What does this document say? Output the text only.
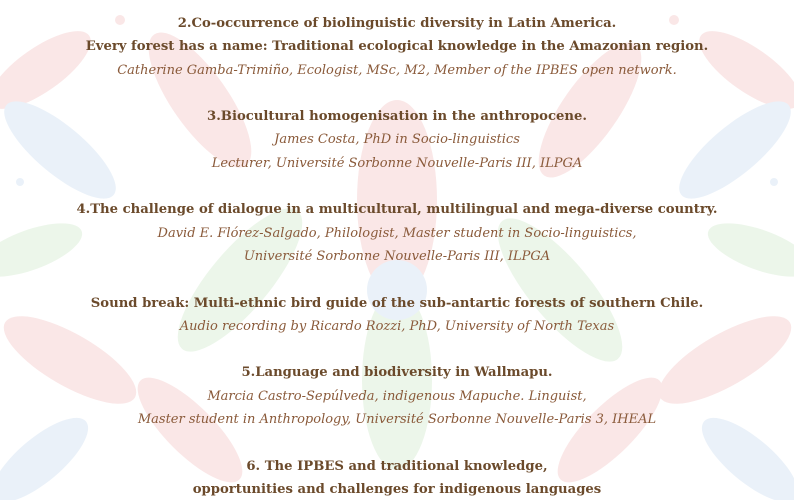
2.Co-occurrence of biolinguistic diversity in Latin America.
Every forest has a name: Traditional ecological knowledge in the Amazonian region.
Catherine Gamba-Trimiño, Ecologist, MSc, M2, Member of the IPBES open network.
3.Biocultural homogenisation in the anthropocene.
James Costa, PhD in Socio-linguistics
Lecturer, Université Sorbonne Nouvelle-Paris III, ILPGA
4.The challenge of dialogue in a multicultural, multilingual and mega-diverse country.
David E. Flórez-Salgado, Philologist, Master student in Socio-linguistics,
Université Sorbonne Nouvelle-Paris III, ILPGA
Sound break: Multi-ethnic bird guide of the sub-antartic forests of southern Chile.
Audio recording by Ricardo Rozzi, PhD, University of North Texas
5.Language and biodiversity in Wallmapu.
Marcia Castro-Sepúlveda, indigenous Mapuche. Linguist,
Master student in Anthropology, Université Sorbonne Nouvelle-Paris 3, IHEAL
6. The IPBES and traditional knowledge,
opportunities and challenges for indigenous languages
